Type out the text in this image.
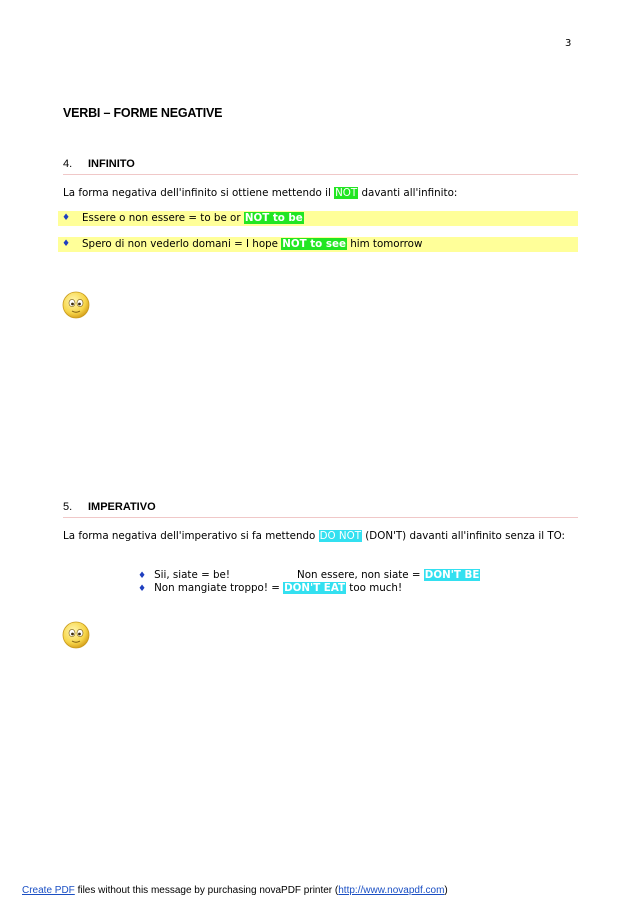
3
VERBI – FORME NEGATIVE
4. INFINITO
La forma negativa dell'infinito si ottiene mettendo il NOT davanti all'infinito:
♦ Essere o non essere = to be or NOT to be
♦ Spero di non vederlo domani = I hope NOT to see him tomorrow
5. IMPERATIVO
La forma negativa dell'imperativo si fa mettendo DO NOT (DON'T) davanti all'infinito senza il TO:
♦ Sii, siate = be!	Non essere, non siate = DON'T BE
♦ Non mangiate troppo! = DON'T EAT too much!
Create PDF files without this message by purchasing novaPDF printer (http://www.novapdf.com)
